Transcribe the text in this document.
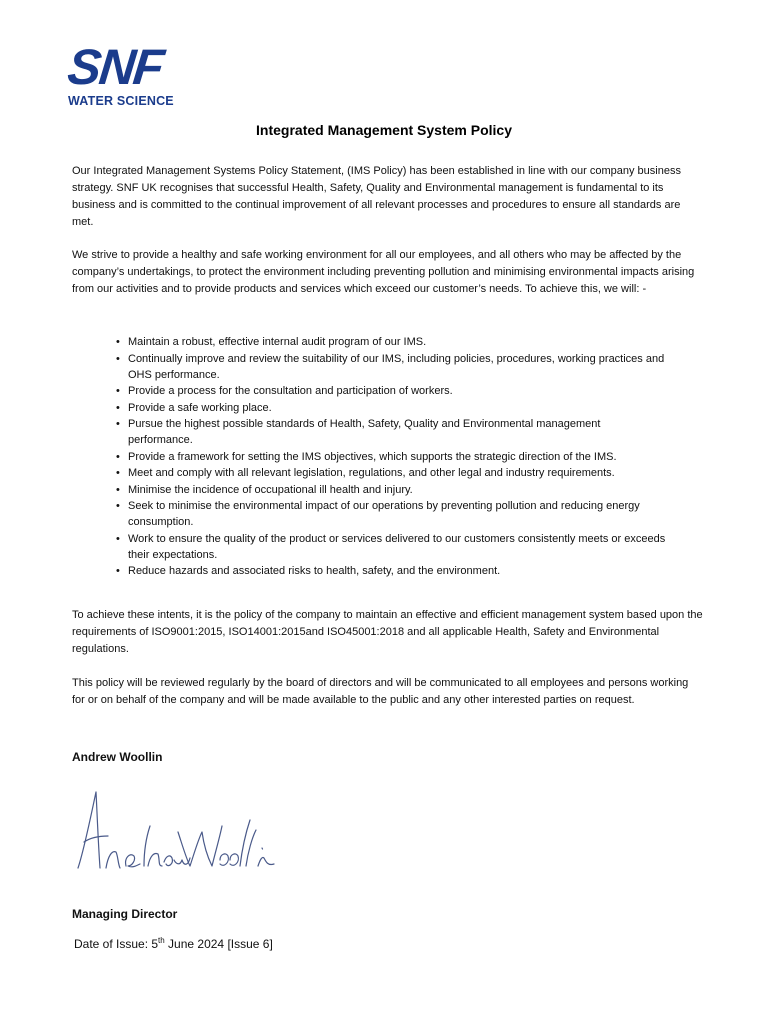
SNF
WATER SCIENCE
Integrated Management System Policy

Our Integrated Management Systems Policy Statement, (IMS Policy) has been established in line with our company business strategy. SNF UK recognises that successful Health, Safety, Quality and Environmental management is fundamental to its business and is committed to the continual improvement of all relevant processes and procedures to ensure all standards are met.

We strive to provide a healthy and safe working environment for all our employees, and all others who may be affected by the company’s undertakings, to protect the environment including preventing pollution and minimising environmental impacts arising from our activities and to provide products and services which exceed our customer’s needs. To achieve this, we will: -

• Maintain a robust, effective internal audit program of our IMS.
• Continually improve and review the suitability of our IMS, including policies, procedures, working practices and OHS performance.
• Provide a process for the consultation and participation of workers.
• Provide a safe working place.
• Pursue the highest possible standards of Health, Safety, Quality and Environmental management performance.
• Provide a framework for setting the IMS objectives, which supports the strategic direction of the IMS.
• Meet and comply with all relevant legislation, regulations, and other legal and industry requirements.
• Minimise the incidence of occupational ill health and injury.
• Seek to minimise the environmental impact of our operations by preventing pollution and reducing energy consumption.
• Work to ensure the quality of the product or services delivered to our customers consistently meets or exceeds their expectations.
• Reduce hazards and associated risks to health, safety, and the environment.

To achieve these intents, it is the policy of the company to maintain an effective and efficient management system based upon the requirements of ISO9001:2015, ISO14001:2015and ISO45001:2018 and all applicable Health, Safety and Environmental regulations.

This policy will be reviewed regularly by the board of directors and will be communicated to all employees and persons working for or on behalf of the company and will be made available to the public and any other interested parties on request.

Andrew Woollin
Managing Director
Date of Issue: 5th June 2024 [Issue 6]
